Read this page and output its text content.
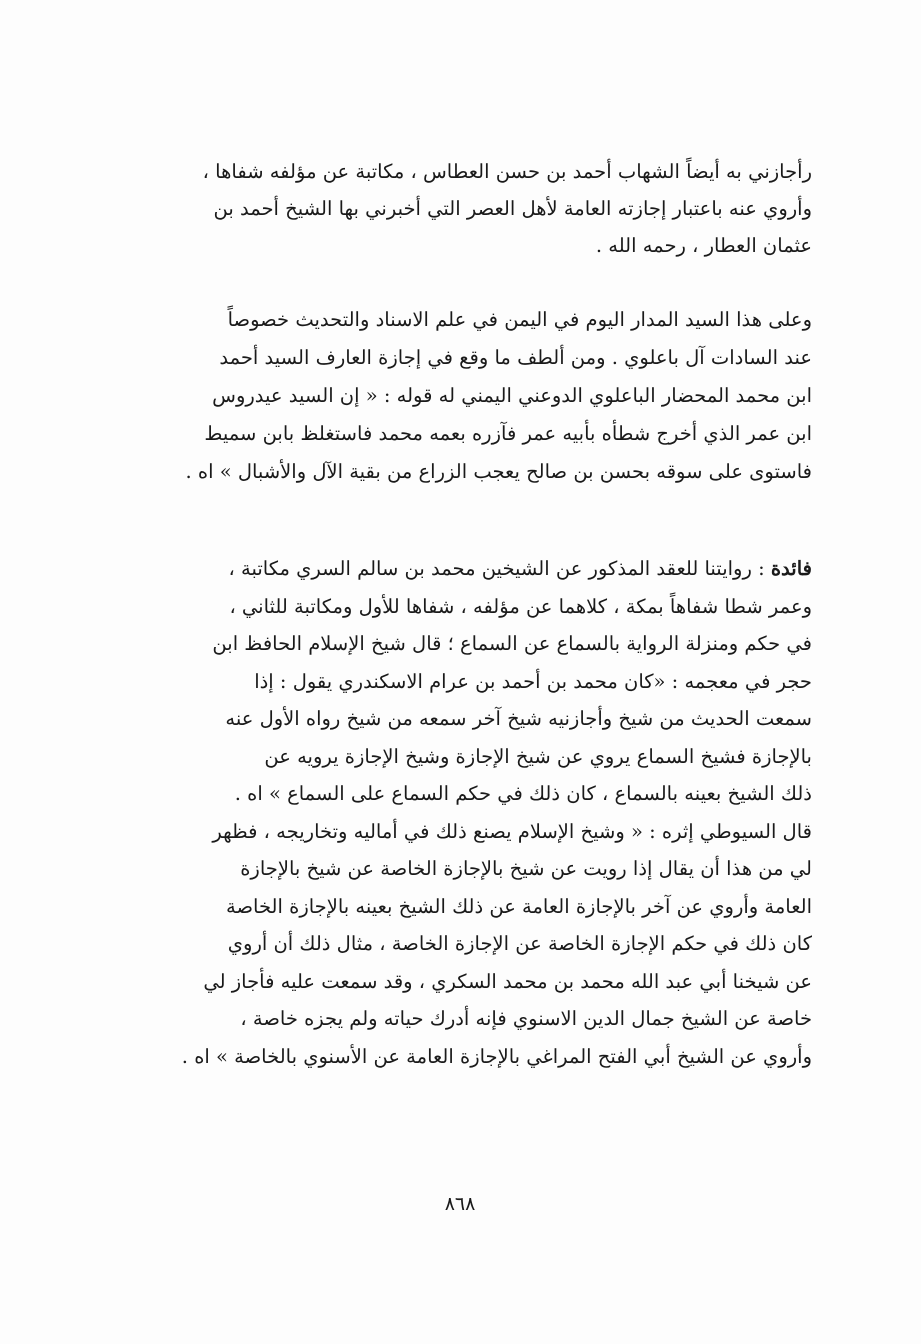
رأجازني به أيضاً الشهاب أحمد بن حسن العطاس ، مكاتبة عن مؤلفه شفاها ،
وأروي عنه باعتبار إجازته العامة لأهل العصر التي أخبرني بها الشيخ أحمد بن
عثمان العطار ، رحمه الله .
وعلى هذا السيد المدار اليوم في اليمن في علم الاسناد والتحديث خصوصاً
عند السادات آل باعلوي . ومن ألطف ما وقع في إجازة العارف السيد أحمد
ابن محمد المحضار الباعلوي الدوعني اليمني له قوله : « إن السيد عيدروس
ابن عمر الذي أخرج شطأه بأبيه عمر فآزره بعمه محمد فاستغلظ بابن سميط
فاستوى على سوقه بحسن بن صالح يعجب الزراع من بقية الآل والأشبال » اه .
فائدة : روايتنا للعقد المذكور عن الشيخين محمد بن سالم السري مكاتبة ،
وعمر شطا شفاهاً بمكة ، كلاهما عن مؤلفه ، شفاها للأول ومكاتبة للثاني ،
في حكم ومنزلة الرواية بالسماع عن السماع ؛ قال شيخ الإسلام الحافظ ابن
حجر في معجمه : «كان محمد بن أحمد بن عرام الاسكندري يقول : إذا
سمعت الحديث من شيخ وأجازنيه شيخ آخر سمعه من شيخ رواه الأول عنه
بالإجازة فشيخ السماع يروي عن شيخ الإجازة وشيخ الإجازة يرويه عن
ذلك الشيخ بعينه بالسماع ، كان ذلك في حكم السماع على السماع » اه .
قال السيوطي إثره : « وشيخ الإسلام يصنع ذلك في أماليه وتخاريجه ، فظهر
لي من هذا أن يقال إذا رويت عن شيخ بالإجازة الخاصة عن شيخ بالإجازة
العامة وأروي عن آخر بالإجازة العامة عن ذلك الشيخ بعينه بالإجازة الخاصة
كان ذلك في حكم الإجازة الخاصة عن الإجازة الخاصة ، مثال ذلك أن أروي
عن شيخنا أبي عبد الله محمد بن محمد السكري ، وقد سمعت عليه فأجاز لي
خاصة عن الشيخ جمال الدين الاسنوي فإنه أدرك حياته ولم يجزه خاصة ،
وأروي عن الشيخ أبي الفتح المراغي بالإجازة العامة عن الأسنوي بالخاصة » اه .
٨٦٨
